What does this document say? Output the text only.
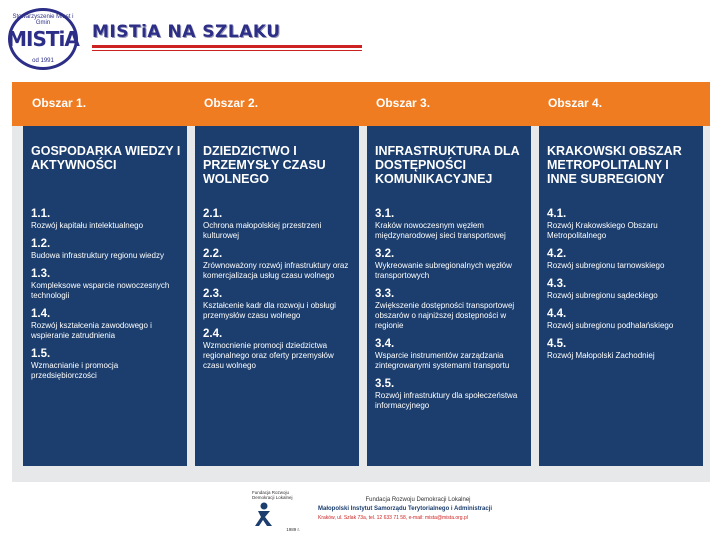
Stowarzyszenie Miast i Gmin
MISTiA
od 1991
MISTiA NA SZLAKU
Obszar 1.	Obszar 2.	Obszar 3.	Obszar 4.
GOSPODARKA WIEDZY I AKTYWNOŚCI
1.1.
Rozwój kapitału intelektualnego
1.2.
Budowa infrastruktury regionu wiedzy
1.3.
Kompleksowe wsparcie nowoczesnych technologii
1.4.
Rozwój kształcenia zawodowego i wspieranie zatrudnienia
1.5.
Wzmacnianie i promocja przedsiębiorczości
DZIEDZICTWO I PRZEMYSŁY CZASU WOLNEGO
2.1.
Ochrona małopolskiej przestrzeni kulturowej
2.2.
Zrównoważony rozwój infrastruktury oraz komercjalizacja usług czasu wolnego
2.3.
Kształcenie kadr dla rozwoju i obsługi przemysłów czasu wolnego
2.4.
Wzmocnienie promocji dziedzictwa regionalnego oraz oferty przemysłów czasu wolnego
INFRASTRUKTURA DLA DOSTĘPNOŚCI KOMUNIKACYJNEJ
3.1.
Kraków nowoczesnym węzłem międzynarodowej sieci transportowej
3.2.
Wykreowanie subregionalnych węzłów transportowych
3.3.
Zwiększenie dostępności transportowej obszarów o najniższej dostępności w regionie
3.4.
Wsparcie instrumentów zarządzania zintegrowanymi systemami transportu
3.5.
Rozwój infrastruktury dla społeczeństwa informacyjnego
KRAKOWSKI OBSZAR METROPOLITALNY I INNE SUBREGIONY
4.1.
Rozwój Krakowskiego Obszaru Metropolitalnego
4.2.
Rozwój subregionu tarnowskiego
4.3.
Rozwój subregionu sądeckiego
4.4.
Rozwój subregionu podhalańskiego
4.5.
Rozwój Małopolski Zachodniej
Fundacja Rozwoju Demokracji Lokalnej
1989 r.
Fundacja Rozwoju Demokracji Lokalnej
Małopolski Instytut Samorządu Terytorialnego i Administracji
Kraków, ul. Szlak 73a, tel. 12 633 71 58, e-mail: mista@mista.org.pl
